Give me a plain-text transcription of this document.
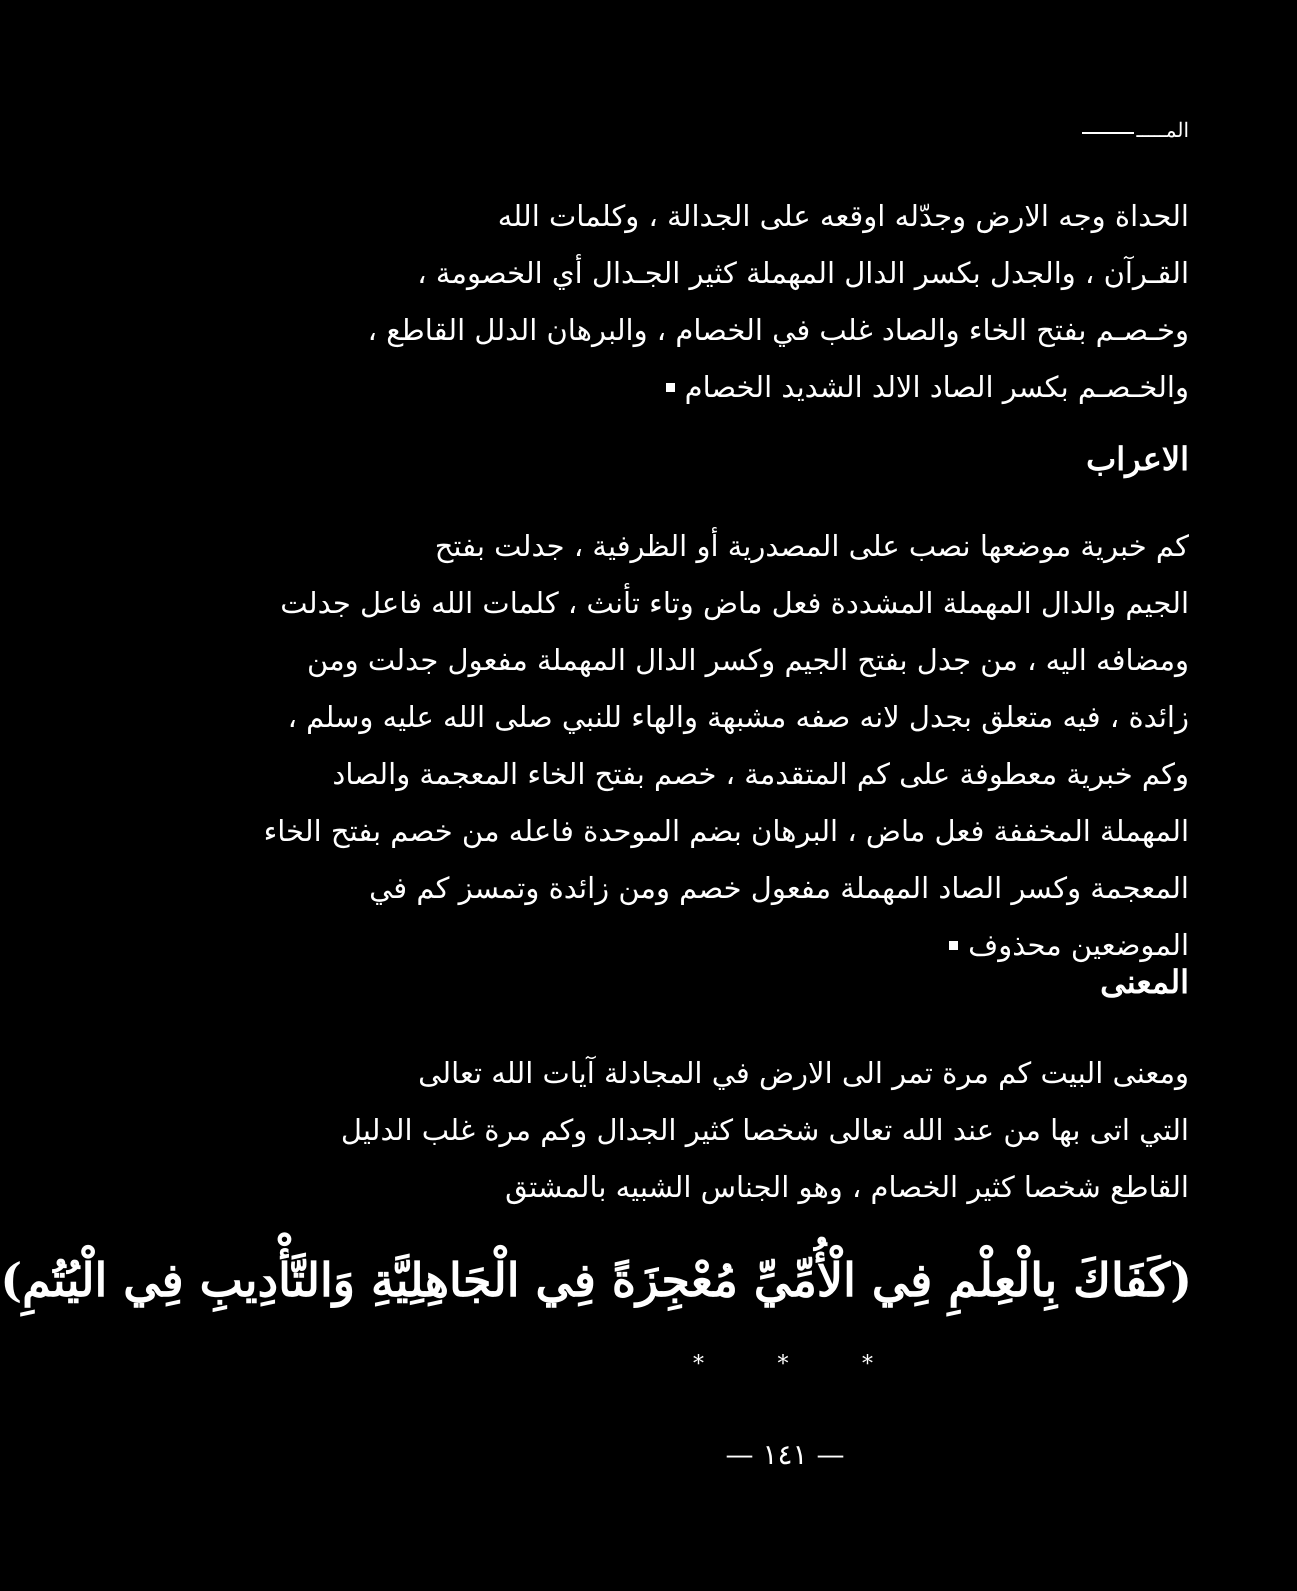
المـــــ
الحداة وجه الارض وجدّله اوقعه على الجدالة ، وكلمات الله
القـرآن ، والجدل بكسر الدال المهملة كثير الجـدال أي الخصومة ،
وخـصـم بفتح الخاء والصاد غلب في الخصام ، والبرهان الدلل القاطع ،
والخـصـم بكسر الصاد الالد الشديد الخصام
الاعراب
كم خبرية موضعها نصب على المصدرية أو الظرفية ، جدلت بفتح
الجيم والدال المهملة المشددة فعل ماض وتاء تأنث ، كلمات الله فاعل جدلت
ومضافه اليه ، من جدل بفتح الجيم وكسر الدال المهملة مفعول جدلت ومن
زائدة ، فيه متعلق بجدل لانه صفه مشبهة والهاء للنبي صلى الله عليه وسلم ،
وكم خبرية معطوفة على كم المتقدمة ، خصم بفتح الخاء المعجمة والصاد
المهملة المخففة فعل ماض ، البرهان بضم الموحدة فاعله من خصم بفتح الخاء
المعجمة وكسر الصاد المهملة مفعول خصم ومن زائدة وتمسز كم في
الموضعين محذوف
المعنى
ومعنى البيت كم مرة تمر الى الارض في المجادلة آيات الله تعالى
التي اتى بها من عند الله تعالى شخصا كثير الجدال وكم مرة غلب الدليل
القاطع شخصا كثير الخصام ، وهو الجناس الشبيه بالمشتق
(كَفَاكَ بِالْعِلْمِ فِي الْأُمِّيِّ مُعْجِزَةً فِي الْجَاهِلِيَّةِ وَالتَّأْدِيبِ فِي الْيُتُمِ)
*	*	*
— ١٤١ —
